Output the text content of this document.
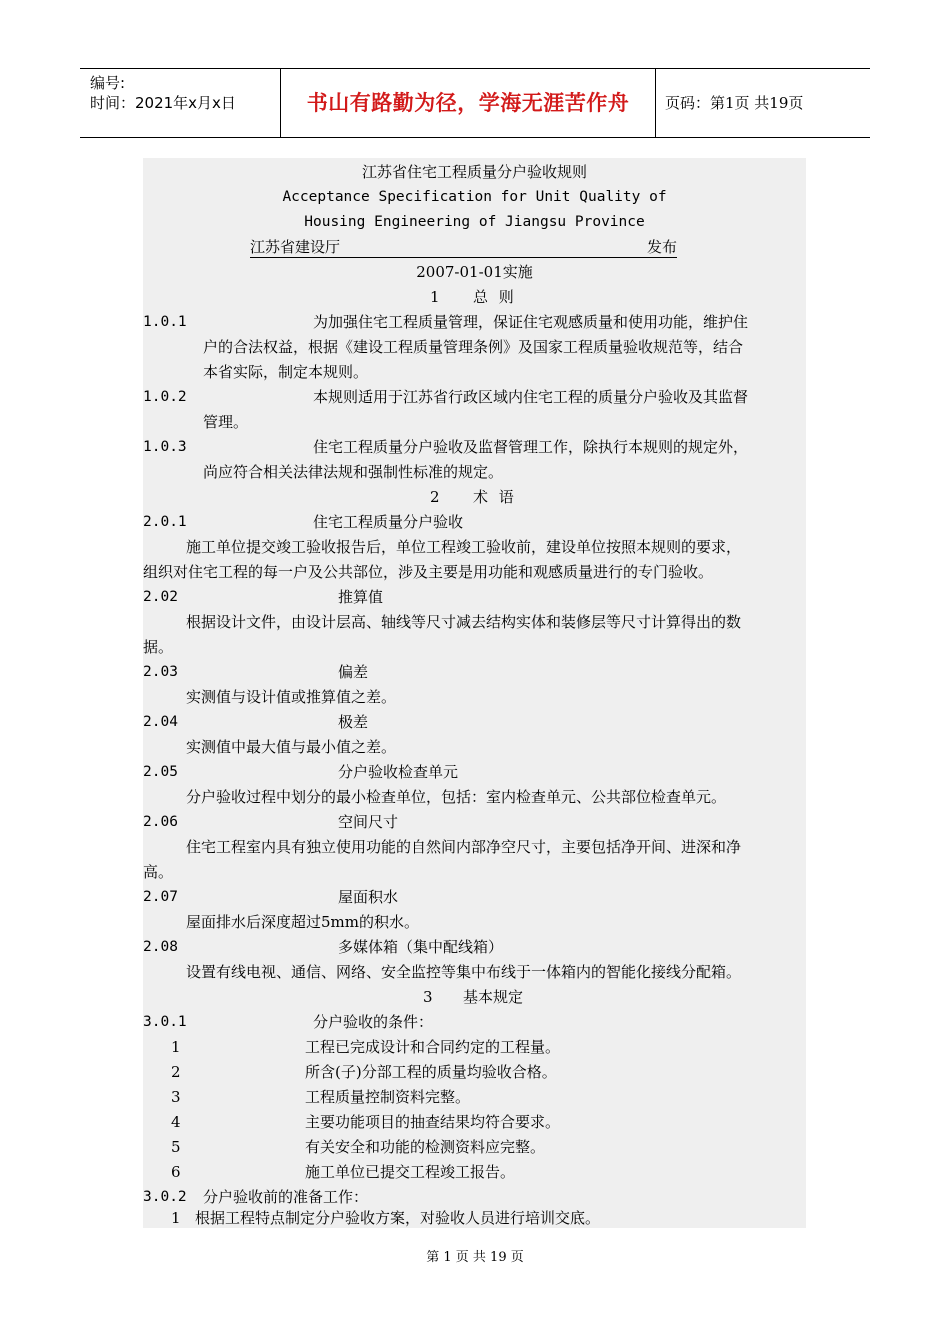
编号:
时间：2021年x月x日	书山有路勤为径，学海无涯苦作舟	页码：第1页 共19页
江苏省住宅工程质量分户验收规则
Acceptance Specification for Unit Quality of
Housing Engineering of Jiangsu Province
江苏省建设厅	发布
2007-01-01实施
1 总 则
1.0.1	为加强住宅工程质量管理，保证住宅观感质量和使用功能，维护住
户的合法权益，根据《建设工程质量管理条例》及国家工程质量验收规范等，结合
本省实际，制定本规则。
1.0.2	本规则适用于江苏省行政区域内住宅工程的质量分户验收及其监督
管理。
1.0.3	住宅工程质量分户验收及监督管理工作，除执行本规则的规定外，
尚应符合相关法律法规和强制性标准的规定。
2 术 语
2.0.1	住宅工程质量分户验收
施工单位提交竣工验收报告后，单位工程竣工验收前，建设单位按照本规则的要求，
组织对住宅工程的每一户及公共部位，涉及主要是用功能和观感质量进行的专门验收。
2.02	推算值
根据设计文件，由设计层高、轴线等尺寸减去结构实体和装修层等尺寸计算得出的数
据。
2.03	偏差
实测值与设计值或推算值之差。
2.04	极差
实测值中最大值与最小值之差。
2.05	分户验收检查单元
分户验收过程中划分的最小检查单位，包括：室内检查单元、公共部位检查单元。
2.06	空间尺寸
住宅工程室内具有独立使用功能的自然间内部净空尺寸，主要包括净开间、进深和净
高。
2.07	屋面积水
屋面排水后深度超过5mm的积水。
2.08	多媒体箱（集中配线箱）
设置有线电视、通信、网络、安全监控等集中布线于一体箱内的智能化接线分配箱。
3 基本规定
3.0.1	分户验收的条件：
1	工程已完成设计和合同约定的工程量。
2	所含(子)分部工程的质量均验收合格。
3	工程质量控制资料完整。
4	主要功能项目的抽查结果均符合要求。
5	有关安全和功能的检测资料应完整。
6	施工单位已提交工程竣工报告。
3.0.2 分户验收前的准备工作：
1 根据工程特点制定分户验收方案，对验收人员进行培训交底。
第 1 页 共 19 页
